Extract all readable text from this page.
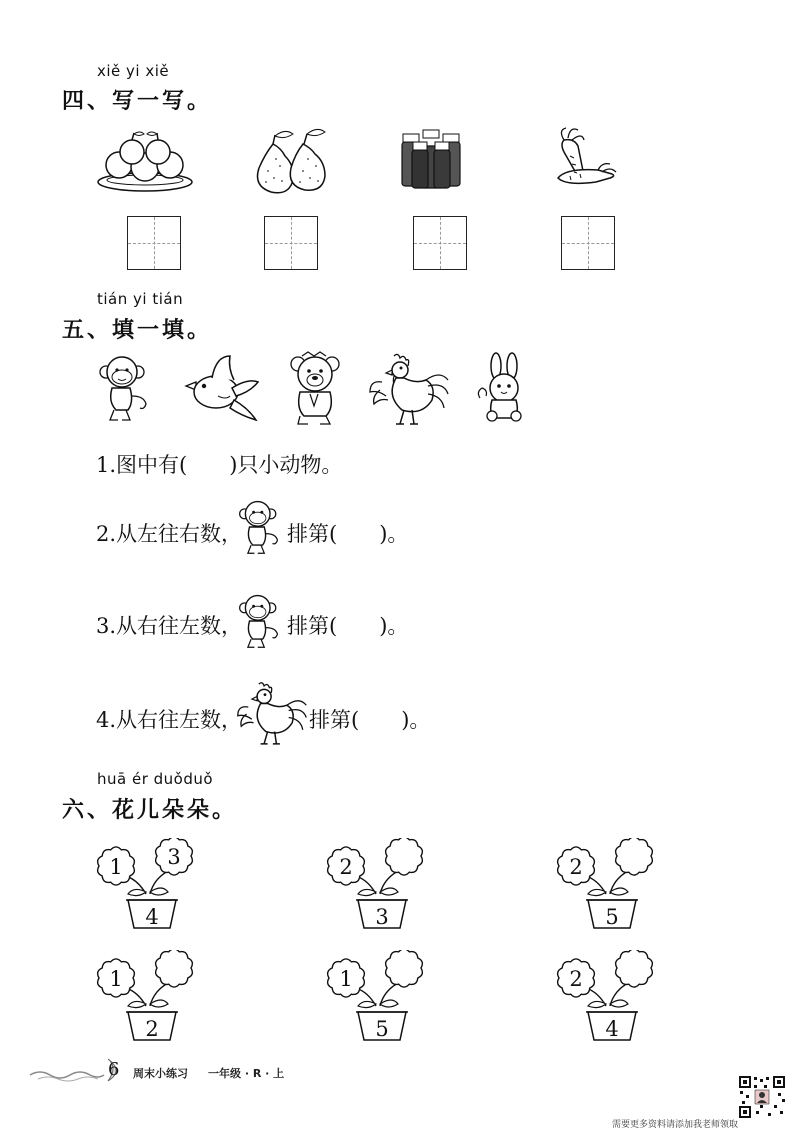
xiě yi xiě
四、写一写。
tián yi tián
五、填一填。
1.图中有(　　)只小动物。
2.从左往右数， 排第(　　)。
3.从右往左数， 排第(　　)。
4.从右往左数，	排第(　　)。
huā ér duǒduǒ
六、花儿朵朵。
1 3
4
2
3
2
5
1
2
1
5
2
4
6 周末小练习 一年级 · R · 上
需要更多资料请添加我老师领取
